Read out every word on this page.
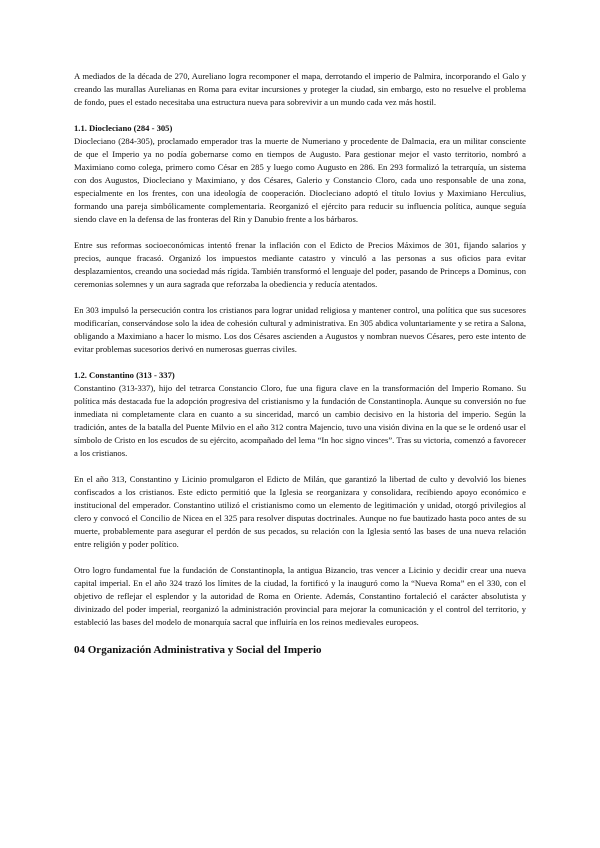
A mediados de la década de 270, Aureliano logra recomponer el mapa, derrotando el imperio de Palmira, incorporando el Galo y creando las murallas Aurelianas en Roma para evitar incursiones y proteger la ciudad, sin embargo, esto no resuelve el problema de fondo, pues el estado necesitaba una estructura nueva para sobrevivir a un mundo cada vez más hostil.

1.1. Diocleciano (284 - 305)

Diocleciano (284-305), proclamado emperador tras la muerte de Numeriano y procedente de Dalmacia, era un militar consciente de que el Imperio ya no podía gobernarse como en tiempos de Augusto. Para gestionar mejor el vasto territorio, nombró a Maximiano como colega, primero como César en 285 y luego como Augusto en 286. En 293 formalizó la tetrarquía, un sistema con dos Augustos, Diocleciano y Maximiano, y dos Césares, Galerio y Constancio Cloro, cada uno responsable de una zona, especialmente en los frentes, con una ideología de cooperación. Diocleciano adoptó el título Iovius y Maximiano Herculius, formando una pareja simbólicamente complementaria. Reorganizó el ejército para reducir su influencia política, aunque seguía siendo clave en la defensa de las fronteras del Rin y Danubio frente a los bárbaros.

Entre sus reformas socioeconómicas intentó frenar la inflación con el Edicto de Precios Máximos de 301, fijando salarios y precios, aunque fracasó. Organizó los impuestos mediante catastro y vinculó a las personas a sus oficios para evitar desplazamientos, creando una sociedad más rígida. También transformó el lenguaje del poder, pasando de Princeps a Dominus, con ceremonias solemnes y un aura sagrada que reforzaba la obediencia y reducía atentados.

En 303 impulsó la persecución contra los cristianos para lograr unidad religiosa y mantener control, una política que sus sucesores modificarían, conservándose solo la idea de cohesión cultural y administrativa. En 305 abdica voluntariamente y se retira a Salona, obligando a Maximiano a hacer lo mismo. Los dos Césares ascienden a Augustos y nombran nuevos Césares, pero este intento de evitar problemas sucesorios derivó en numerosas guerras civiles.

1.2. Constantino (313 - 337)

Constantino (313-337), hijo del tetrarca Constancio Cloro, fue una figura clave en la transformación del Imperio Romano. Su política más destacada fue la adopción progresiva del cristianismo y la fundación de Constantinopla. Aunque su conversión no fue inmediata ni completamente clara en cuanto a su sinceridad, marcó un cambio decisivo en la historia del imperio. Según la tradición, antes de la batalla del Puente Milvio en el año 312 contra Majencio, tuvo una visión divina en la que se le ordenó usar el símbolo de Cristo en los escudos de su ejército, acompañado del lema “In hoc signo vinces”. Tras su victoria, comenzó a favorecer a los cristianos.

En el año 313, Constantino y Licinio promulgaron el Edicto de Milán, que garantizó la libertad de culto y devolvió los bienes confiscados a los cristianos. Este edicto permitió que la Iglesia se reorganizara y consolidara, recibiendo apoyo económico e institucional del emperador. Constantino utilizó el cristianismo como un elemento de legitimación y unidad, otorgó privilegios al clero y convocó el Concilio de Nicea en el 325 para resolver disputas doctrinales. Aunque no fue bautizado hasta poco antes de su muerte, probablemente para asegurar el perdón de sus pecados, su relación con la Iglesia sentó las bases de una nueva relación entre religión y poder político.

Otro logro fundamental fue la fundación de Constantinopla, la antigua Bizancio, tras vencer a Licinio y decidir crear una nueva capital imperial. En el año 324 trazó los límites de la ciudad, la fortificó y la inauguró como la “Nueva Roma” en el 330, con el objetivo de reflejar el esplendor y la autoridad de Roma en Oriente. Además, Constantino fortaleció el carácter absolutista y divinizado del poder imperial, reorganizó la administración provincial para mejorar la comunicación y el control del territorio, y estableció las bases del modelo de monarquía sacral que influiría en los reinos medievales europeos.

04 Organización Administrativa y Social del Imperio
